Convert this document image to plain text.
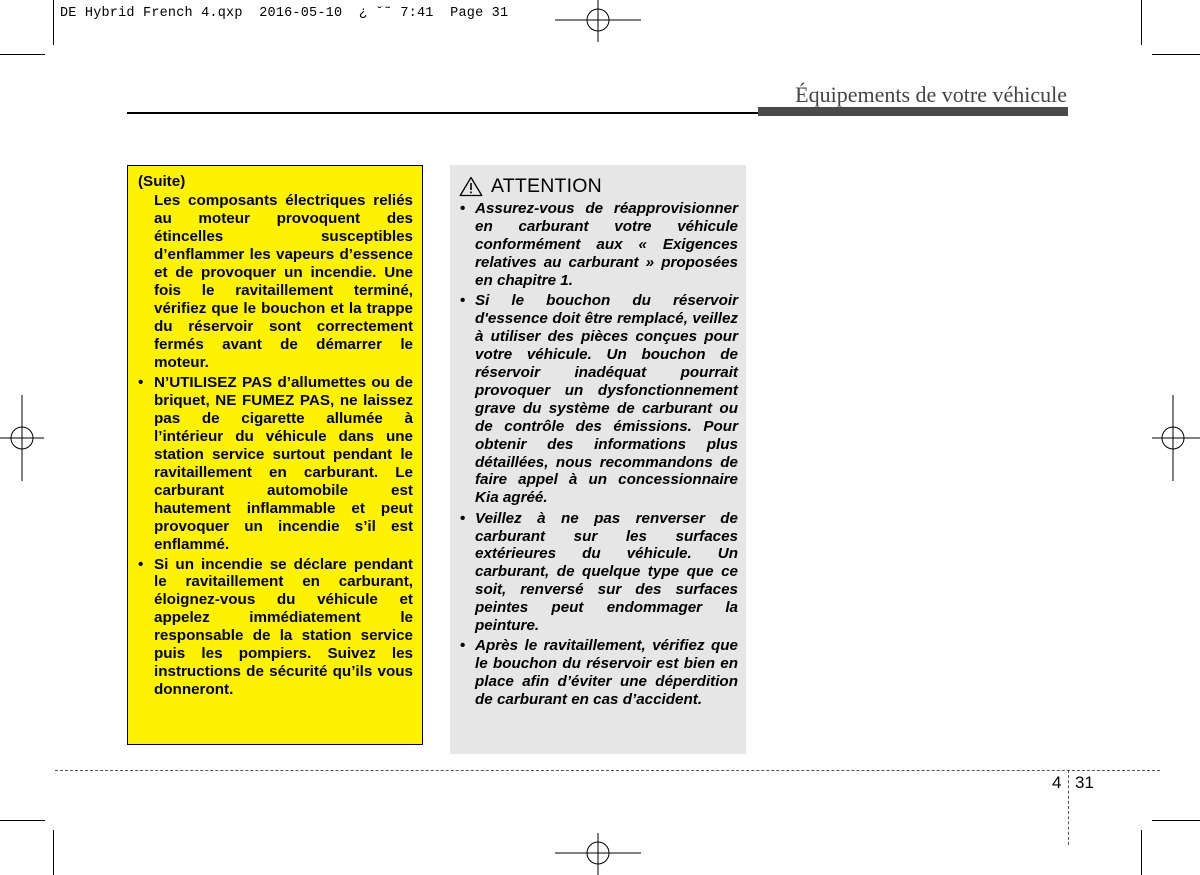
DE Hybrid French 4.qxp  2016-05-10  ¿ ˘˜ 7:41  Page 31
Équipements de votre véhicule
(Suite)

Les composants électriques reliés au moteur provoquent des étincelles susceptibles d’enflammer les vapeurs d’essence et de provoquer un incendie. Une fois le ravitaillement terminé, vérifiez que le bouchon et la trappe du réservoir sont correctement fermés avant de démarrer le moteur.

• N’UTILISEZ PAS d’allumettes ou de briquet, NE FUMEZ PAS, ne laissez pas de cigarette allumée à l’intérieur du véhicule dans une station service surtout pendant le ravitaillement en carburant. Le carburant automobile est hautement inflammable et peut provoquer un incendie s’il est enflammé.
• Si un incendie se déclare pendant le ravitaillement en carburant, éloignez-vous du véhicule et appelez immédiatement le responsable de la station service puis les pompiers. Suivez les instructions de sécurité qu’ils vous donneront.
ATTENTION
• Assurez-vous de réapprovisionner en carburant votre véhicule conformément aux « Exigences relatives au carburant » proposées en chapitre 1.
• Si le bouchon du réservoir d'essence doit être remplacé, veillez à utiliser des pièces conçues pour votre véhicule. Un bouchon de réservoir inadéquat pourrait provoquer un dysfonctionnement grave du système de carburant ou de contrôle des émissions. Pour obtenir des informations plus détaillées, nous recommandons de faire appel à un concessionnaire Kia agréé.
• Veillez à ne pas renverser de carburant sur les surfaces extérieures du véhicule. Un carburant, de quelque type que ce soit, renversé sur des surfaces peintes peut endommager la peinture.
• Après le ravitaillement, vérifiez que le bouchon du réservoir est bien en place afin d’éviter une déperdition de carburant en cas d’accident.
4 31
